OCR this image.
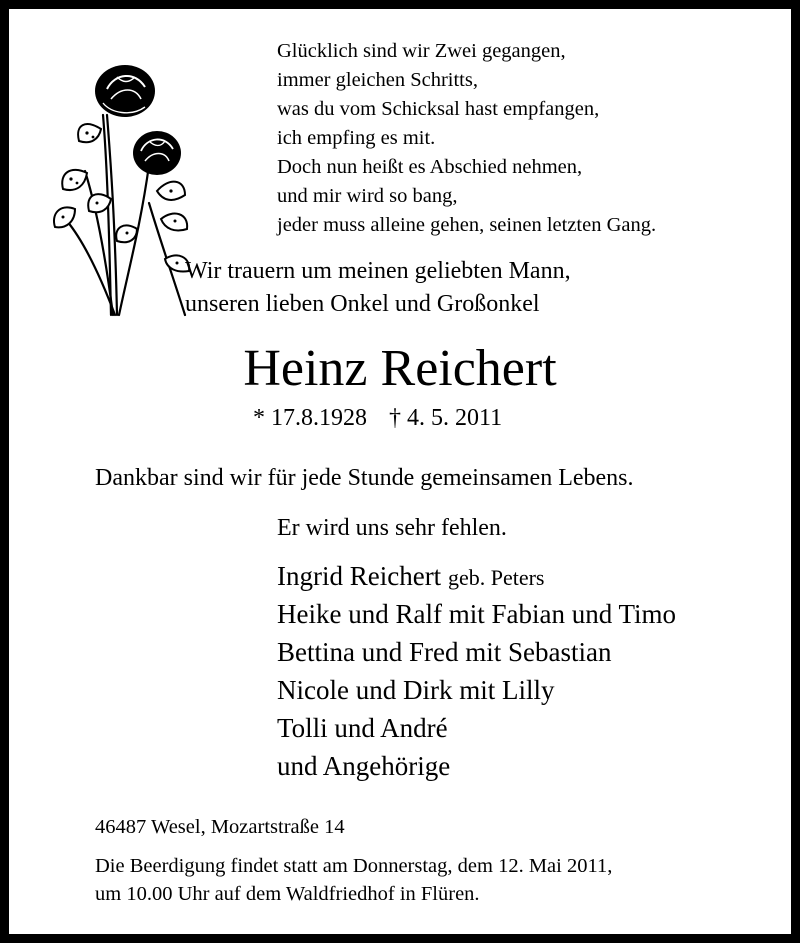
Glücklich sind wir Zwei gegangen,
immer gleichen Schritts,
was du vom Schicksal hast empfangen,
ich empfing es mit.
Doch nun heißt es Abschied nehmen,
und mir wird so bang,
jeder muss alleine gehen, seinen letzten Gang.
Wir trauern um meinen geliebten Mann,
unseren lieben Onkel und Großonkel
Heinz Reichert
* 17.8.1928 † 4. 5. 2011
Dankbar sind wir für jede Stunde gemeinsamen Lebens.
Er wird uns sehr fehlen.
Ingrid Reichert geb. Peters
Heike und Ralf mit Fabian und Timo
Bettina und Fred mit Sebastian
Nicole und Dirk mit Lilly
Tolli und André
und Angehörige
46487 Wesel, Mozartstraße 14
Die Beerdigung findet statt am Donnerstag, dem 12. Mai 2011,
um 10.00 Uhr auf dem Waldfriedhof in Flüren.
